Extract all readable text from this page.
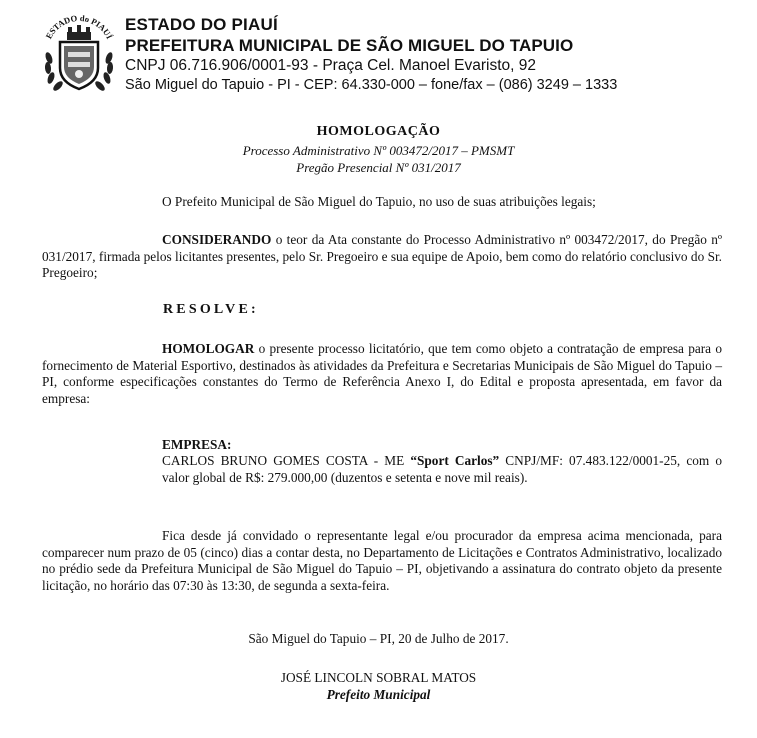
ESTADO do PIAUÍ
ESTADO DO PIAUÍ
PREFEITURA MUNICIPAL DE SÃO MIGUEL DO TAPUIO
CNPJ 06.716.906/0001-93 - Praça Cel. Manoel Evaristo, 92
São Miguel do Tapuio - PI - CEP: 64.330-000 – fone/fax – (086) 3249 – 1333
HOMOLOGAÇÃO
Processo Administrativo Nº 003472/2017 – PMSMT
Pregão Presencial Nº 031/2017
O Prefeito Municipal de São Miguel do Tapuio, no uso de suas atribuições legais;
CONSIDERANDO o teor da Ata constante do Processo Administrativo nº 003472/2017, do Pregão nº 031/2017, firmada pelos licitantes presentes, pelo Sr. Pregoeiro e sua equipe de Apoio, bem como do relatório conclusivo do Sr. Pregoeiro;
RESOLVE:
HOMOLOGAR o presente processo licitatório, que tem como objeto a contratação de empresa para o fornecimento de Material Esportivo, destinados às atividades da Prefeitura e Secretarias Municipais de São Miguel do Tapuio – PI, conforme especificações constantes do Termo de Referência Anexo I, do Edital e proposta apresentada, em favor da empresa:
EMPRESA:
CARLOS BRUNO GOMES COSTA - ME “Sport Carlos” CNPJ/MF: 07.483.122/0001-25, com o valor global de R$: 279.000,00 (duzentos e setenta e nove mil reais).
Fica desde já convidado o representante legal e/ou procurador da empresa acima mencionada, para comparecer num prazo de 05 (cinco) dias a contar desta, no Departamento de Licitações e Contratos Administrativo, localizado no prédio sede da Prefeitura Municipal de São Miguel do Tapuio – PI, objetivando a assinatura do contrato objeto da presente licitação, no horário das 07:30 às 13:30, de segunda a sexta-feira.
São Miguel do Tapuio – PI, 20 de Julho de 2017.
JOSÉ LINCOLN SOBRAL MATOS
Prefeito Municipal
